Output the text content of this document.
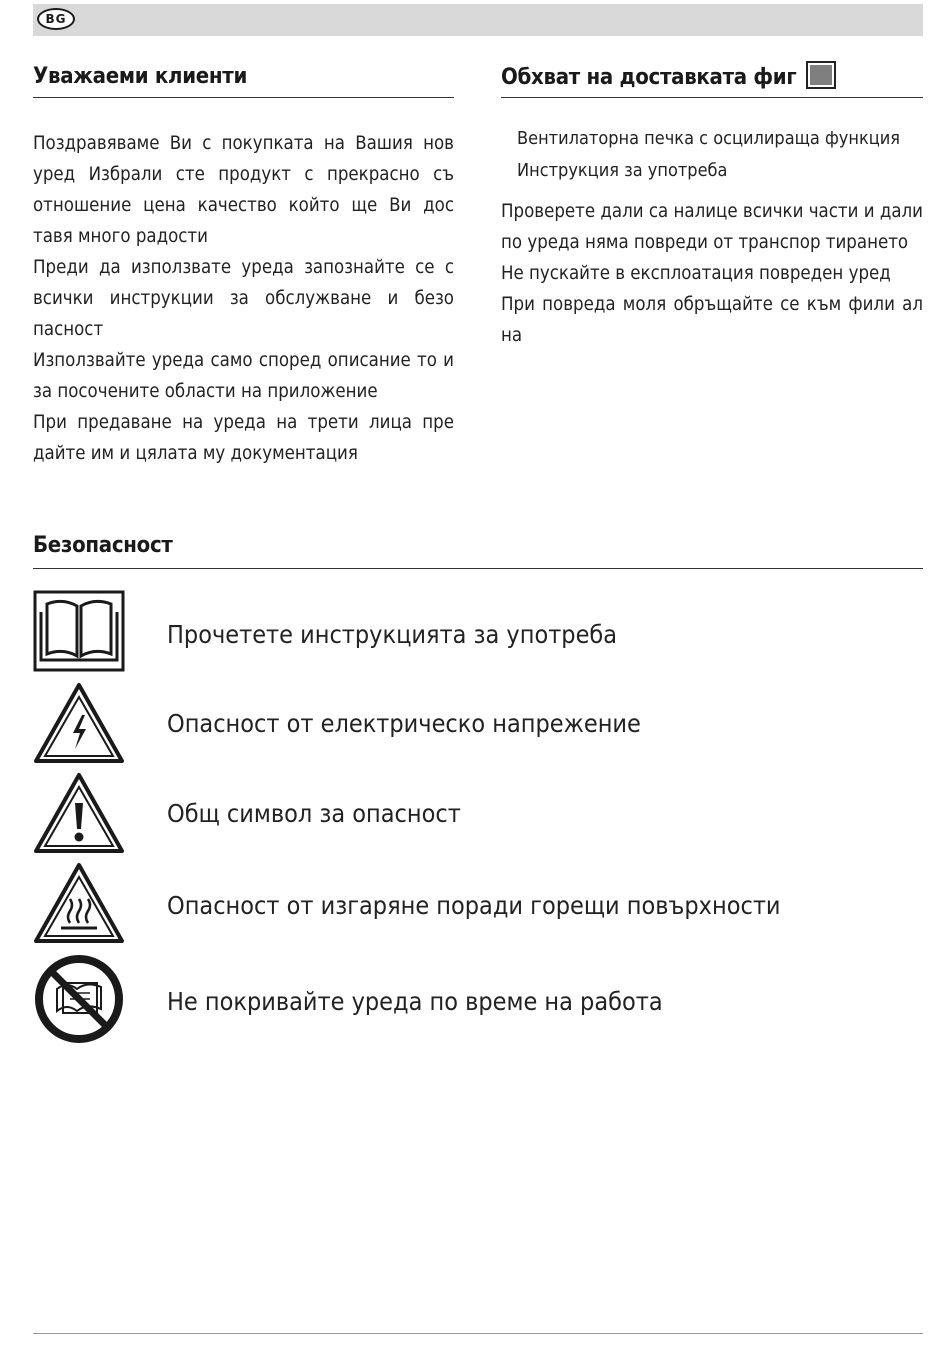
BG
Уважаеми клиенти

Поздравяваме Ви с покупката на Вашия нов уред Избрали сте продукт с прекрасно съ отношение цена качество който ще Ви дос тавя много радости

Преди да използвате уреда запознайте се с всички инструкции за обслужване и безо пасност

Използвайте уреда само според описание то и за посочените области на приложение

При предаване на уреда на трети лица пре дайте им и цялата му документация

Обхват на доставката фиг

Вентилаторна печка с осцилираща функция

Инструкция за употреба

Проверете дали са налице всички части и дали по уреда няма повреди от транспор тирането

Не пускайте в експлоатация повреден уред

При повреда моля обръщайте се към фили ал на

Безопасност
Прочетете инструкцията за употреба
Опасност от електрическо напрежение
Общ символ за опасност
Опасност от изгаряне поради горещи повърхности
Не покривайте уреда по време на работа
